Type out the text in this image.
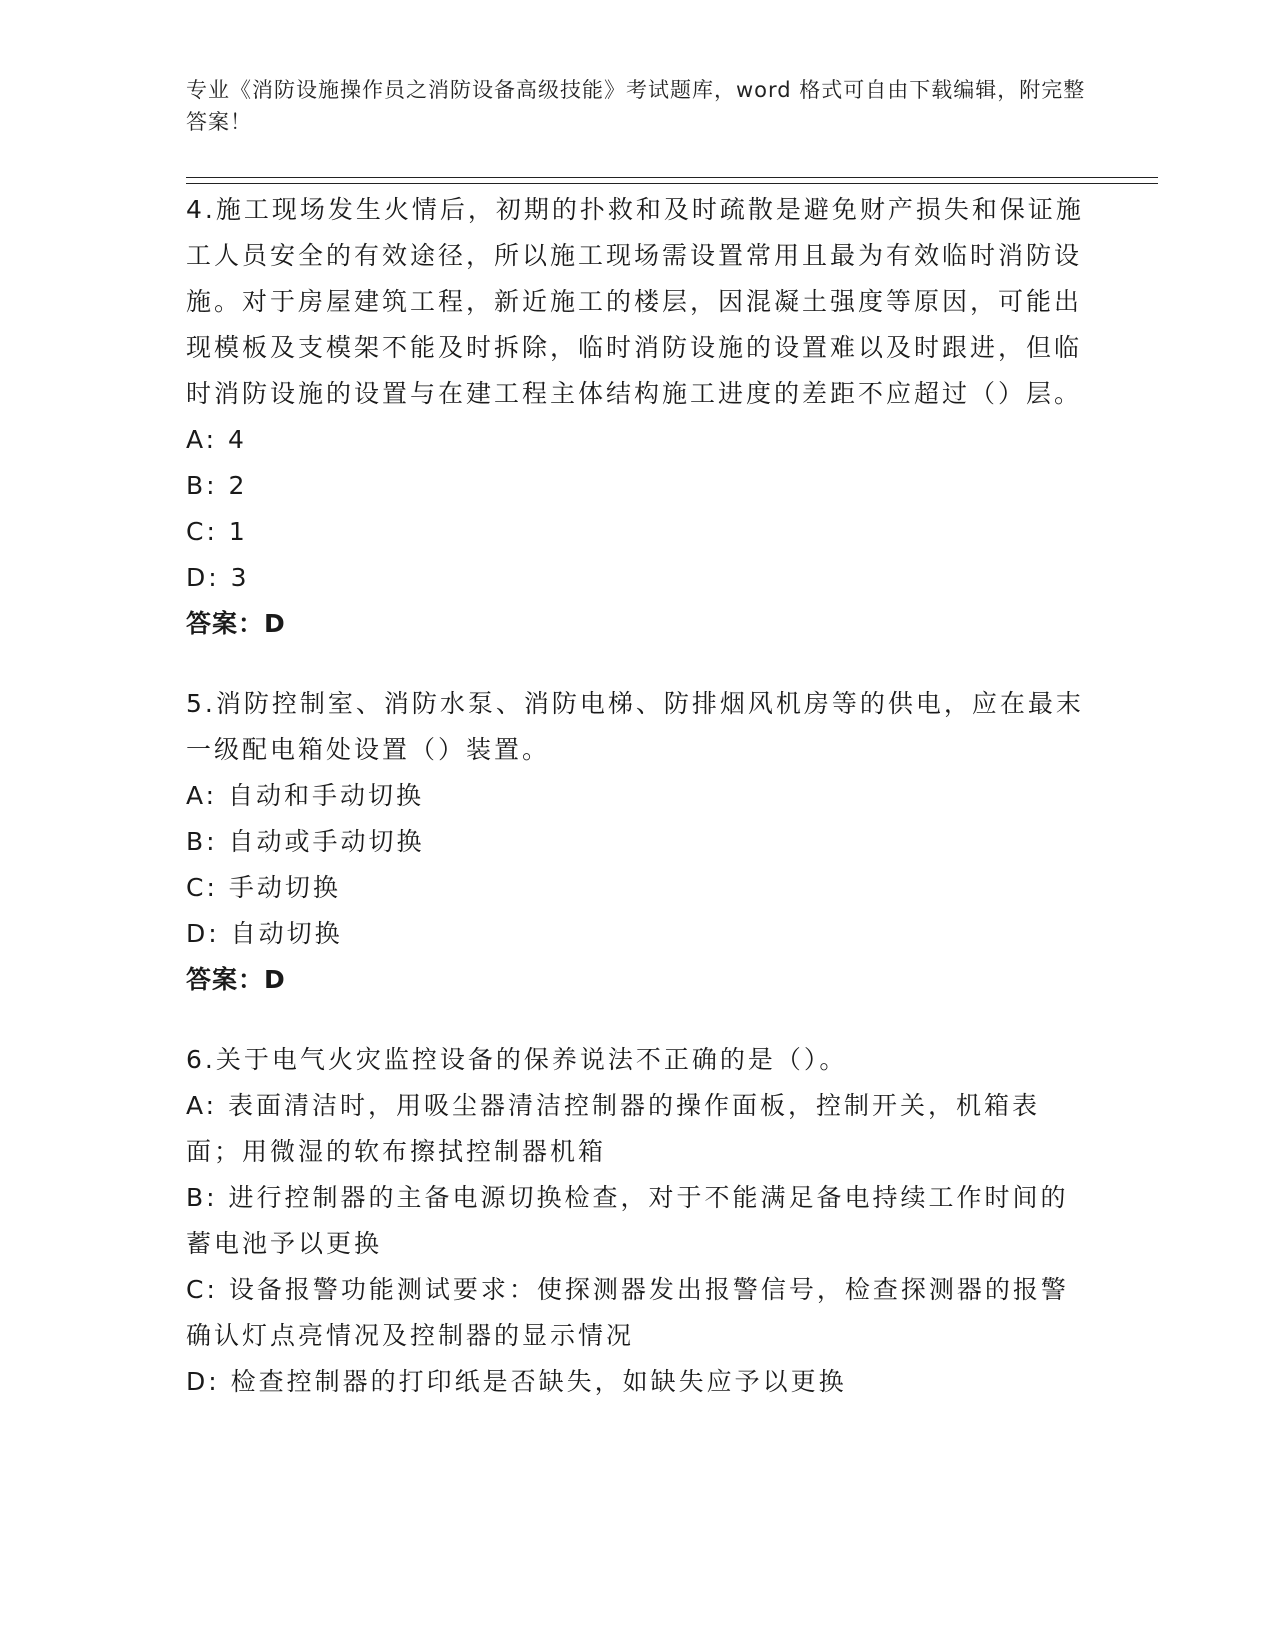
专业《消防设施操作员之消防设备高级技能》考试题库，word 格式可自由下载编辑，附完整答案！

4.施工现场发生火情后，初期的扑救和及时疏散是避免财产损失和保证施工人员安全的有效途径，所以施工现场需设置常用且最为有效临时消防设施。对于房屋建筑工程，新近施工的楼层，因混凝土强度等原因，可能出现模板及支模架不能及时拆除，临时消防设施的设置难以及时跟进，但临时消防设施的设置与在建工程主体结构施工进度的差距不应超过（）层。

A: 4

B: 2

C: 1

D: 3

答案：D

5.消防控制室、消防水泵、消防电梯、防排烟风机房等的供电，应在最末一级配电箱处设置（）装置。

A: 自动和手动切换

B: 自动或手动切换

C: 手动切换

D: 自动切换

答案：D

6.关于电气火灾监控设备的保养说法不正确的是（）。

A: 表面清洁时，用吸尘器清洁控制器的操作面板，控制开关，机箱表面；用微湿的软布擦拭控制器机箱

B: 进行控制器的主备电源切换检查，对于不能满足备电持续工作时间的蓄电池予以更换

C: 设备报警功能测试要求：使探测器发出报警信号，检查探测器的报警确认灯点亮情况及控制器的显示情况

D: 检查控制器的打印纸是否缺失，如缺失应予以更换
